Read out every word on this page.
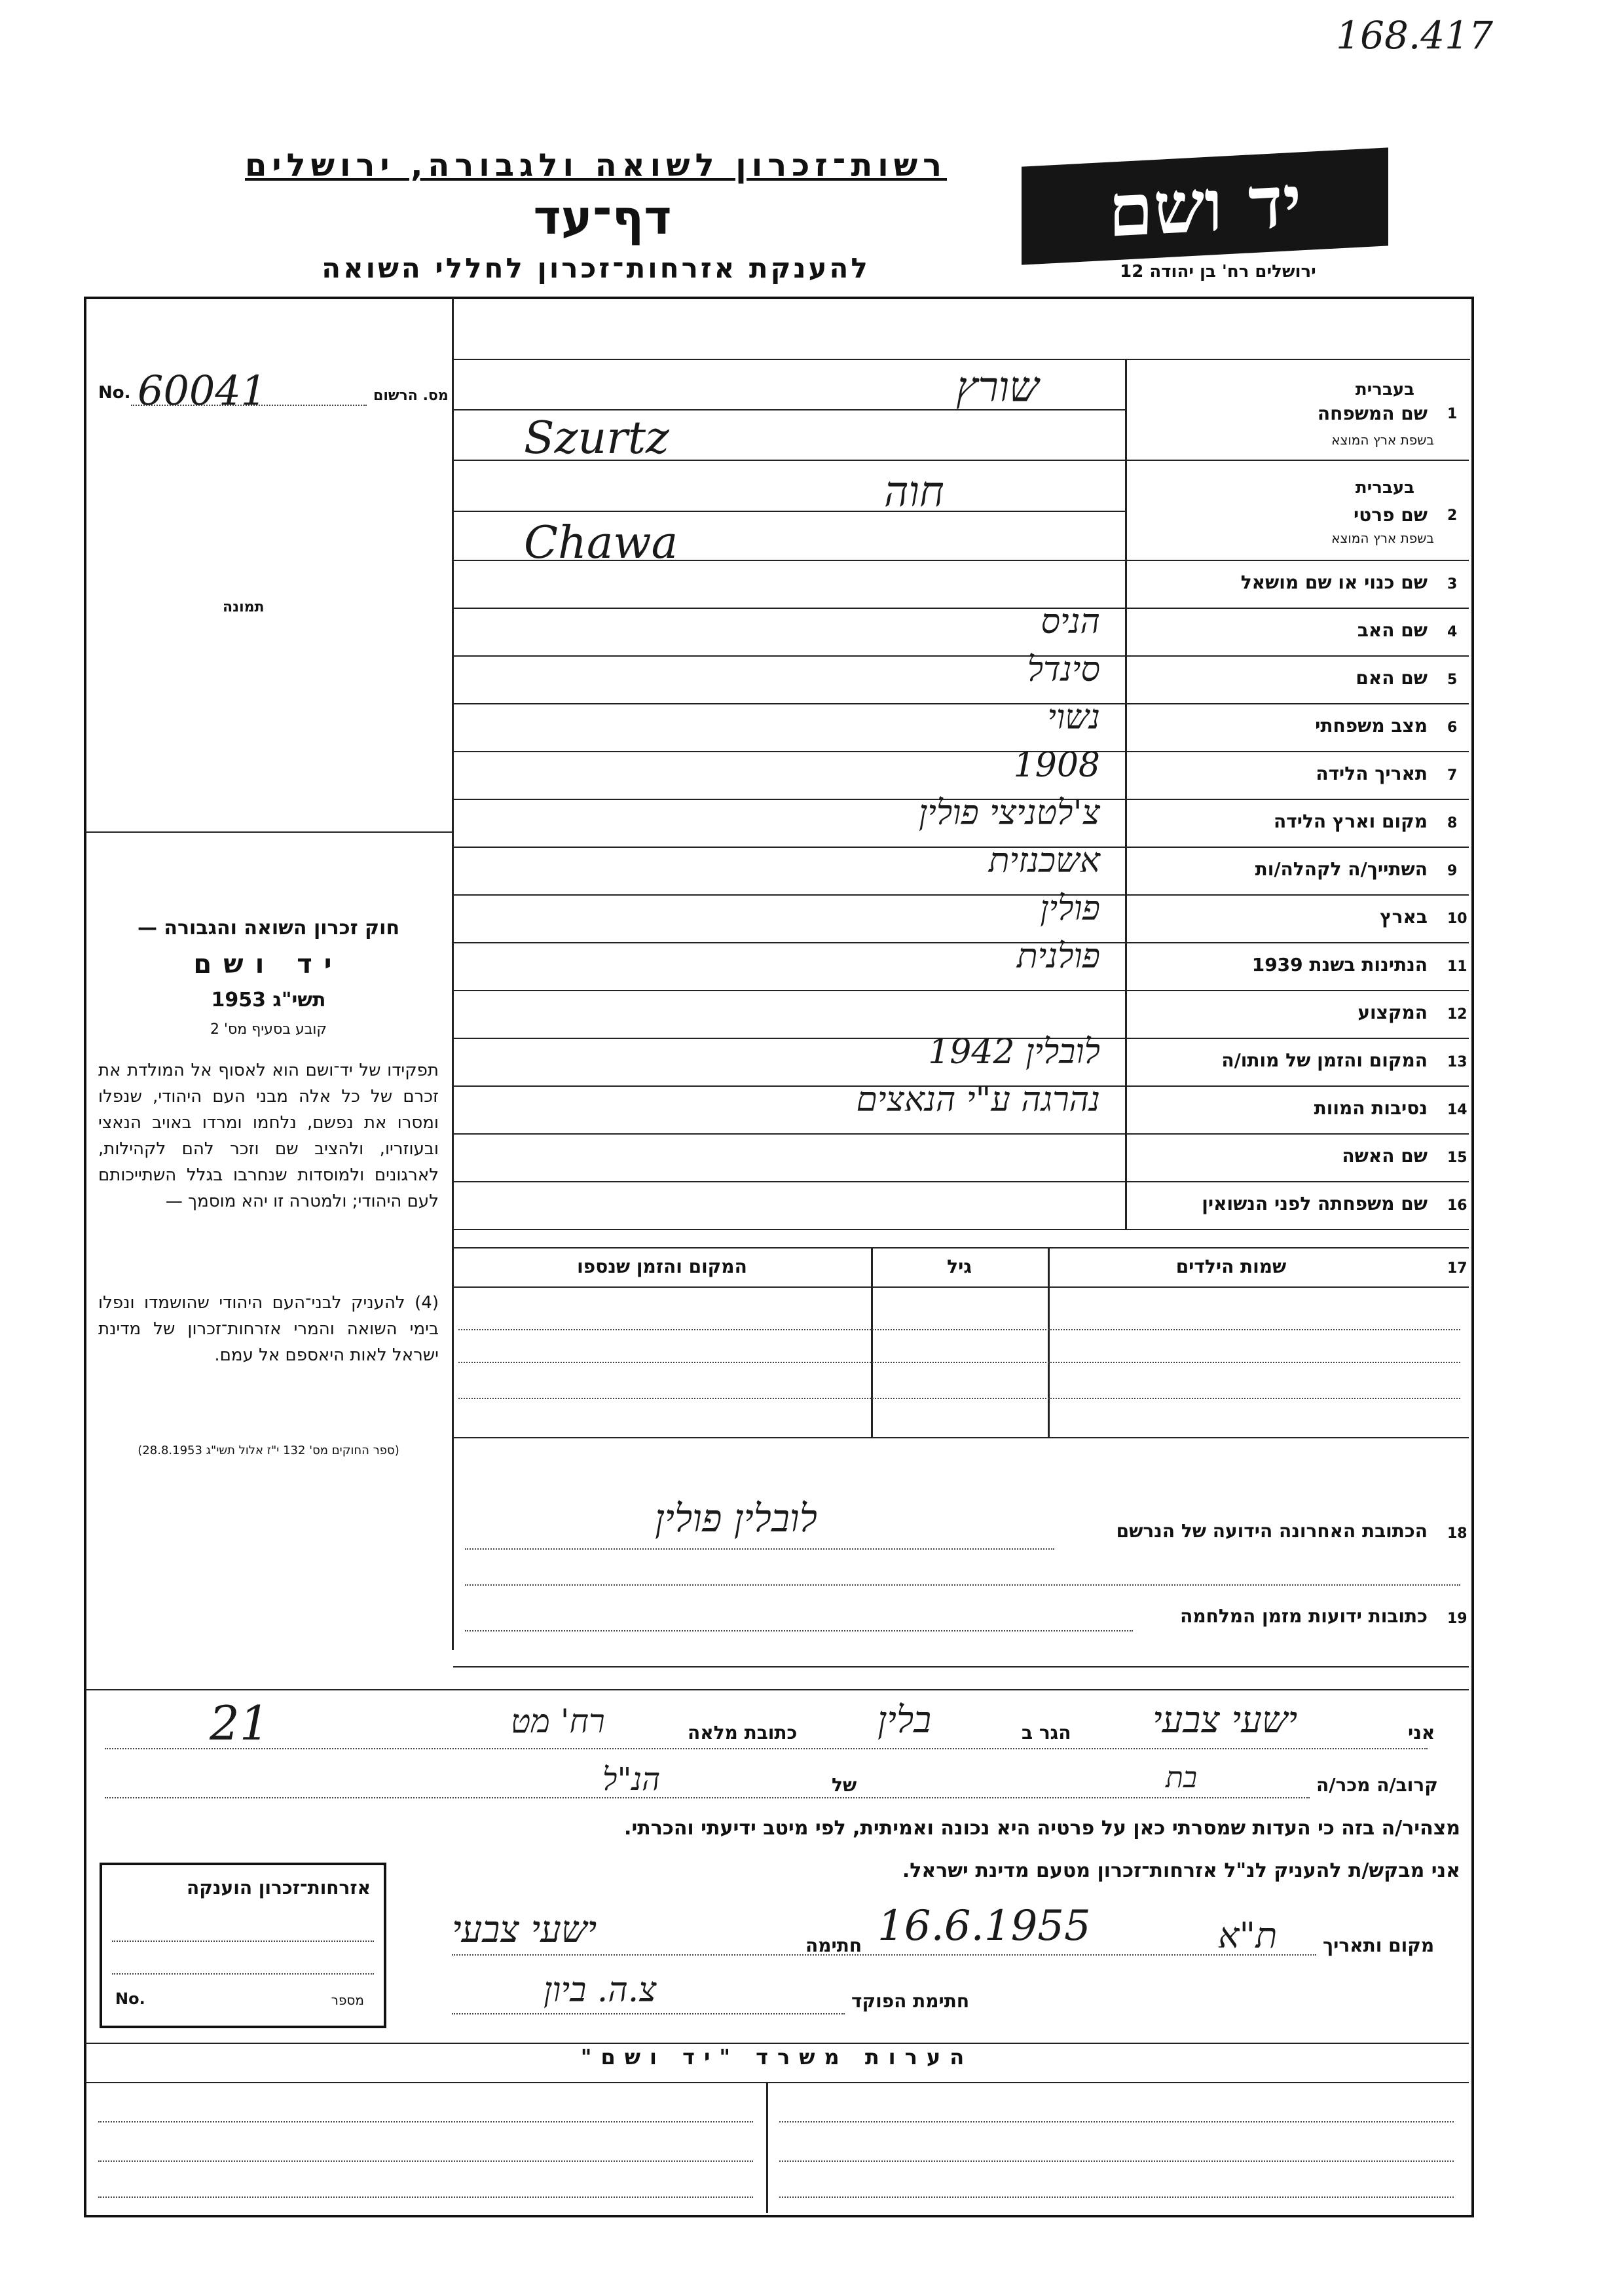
168.417
רשות־זכרון לשואה ולגבורה, ירושלים
דף־עד
להענקת אזרחות־זכרון לחללי השואה
יד ושם
ירושלים רח' בן יהודה 12
No. 60041	מס. הרשום
תמונה
חוק זכרון השואה והגבורה —
יד ושם
תשי"ג 1953
קובע בסעיף מס' 2
תפקידו של יד־ושם הוא לאסוף אל המולדת את זכרם של כל אלה מבני העם היהודי, שנפלו ומסרו את נפשם, נלחמו ומרדו באויב הנאצי ובעוזריו, ולהציב שם וזכר להם לקהילות, לארגונים ולמוסדות שנחרבו בגלל השתייכותם לעם היהודי; ולמטרה זו יהא מוסמך —
(4) להעניק לבני־העם היהודי שהושמדו ונפלו בימי השואה והמרי אזרחות־זכרון של מדינת ישראל לאות היאספם אל עמם.
(ספר החוקים מס' 132 י"ז אלול תשי"ג 28.8.1953)
1
שם המשפחה
בעברית
בשפת ארץ המוצא
שורץ
Szurtz
2
שם פרטי
בעברית
בשפת ארץ המוצא
חוה
Chawa
3
שם כנוי או שם מושאל
4
שם האב
הניס
5
שם האם
סינדל
6
מצב משפחתי
נשוי
7
תאריך הלידה
1908
8
מקום וארץ הלידה
צ'לטניצי פולין
9
השתייך/ה לקהלה/ות
אשכנזית
10
בארץ
פולין
11
הנתינות בשנת 1939
פולנית
12
המקצוע
13
המקום והזמן של מותו/ה
לובלין 1942
14
נסיבות המוות
נהרגה ע"י הנאצים
15
שם האשה
16
שם משפחתה לפני הנשואין
17
שמות הילדים
גיל
המקום והזמן שנספו
18
הכתובת האחרונה הידועה של הנרשם
לובלין פולין
19
כתובות ידועות מזמן המלחמה
אני
ישעי צבעי
הגר ב
בלין
כתובת מלאה
רח' מט
21
קרוב/ה מכר/ה
בת
של
הנ"ל
מצהיר/ה בזה כי העדות שמסרתי כאן על פרטיה היא נכונה ואמיתית, לפי מיטב ידיעתי והכרתי.
אני מבקש/ת להעניק לנ"ל אזרחות־זכרון מטעם מדינת ישראל.
מקום ותאריך
ת"א
16.6.1955
חתימה
ישעי צבעי
חתימת הפוקד
צ.ה. ביון
אזרחות־זכרון הוענקה
No.	מספר
הערות משרד "יד ושם"
